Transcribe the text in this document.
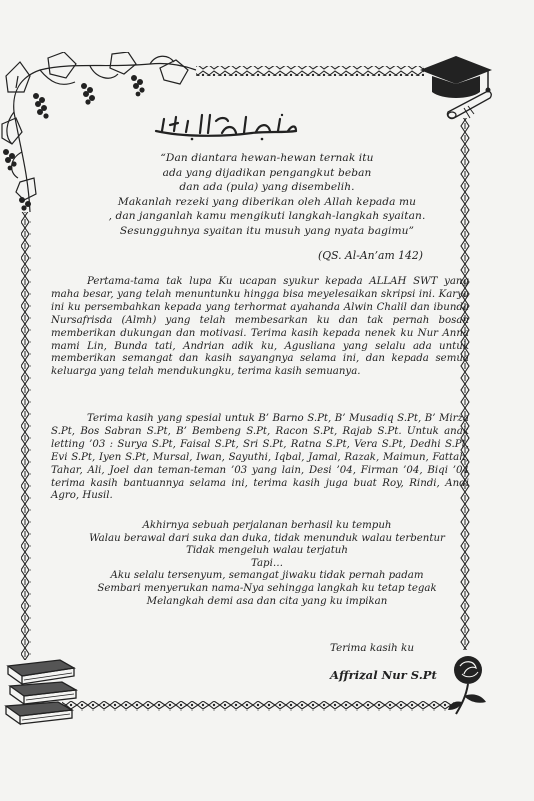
“Dan diantara hewan-hewan ternak itu
ada yang dijadikan pengangkut beban
dan ada (pula) yang disembelih.
Makanlah rezeki yang diberikan oleh Allah kepada mu
, dan janganlah kamu mengikuti langkah-langkah syaitan.
Sesungguhnya syaitan itu musuh yang nyata bagimu”
(QS. Al-An’am 142)
Pertama-tama tak lupa Ku ucapan syukur kepada ALLAH SWT yang maha besar, yang telah menuntunku hingga bisa meyelesaikan skripsi ini. Karya ini ku persembahkan kepada yang terhormat ayahanda Alwin Chalil dan ibunda Nursafrisda (Almh) yang telah membesarkan ku dan tak pernah bosan memberikan dukungan dan motivasi. Terima kasih kepada nenek ku Nur Anna mami Lin, Bunda tati, Andrian adik ku, Agusliana yang selalu ada untuk memberikan semangat dan kasih sayangnya selama ini, dan kepada semua keluarga yang telah mendukungku, terima kasih semuanya.
Terima kasih yang spesial untuk B’ Barno S.Pt, B’ Musadiq S.Pt, B’ Mirza S.Pt, Bos Sabran S.Pt, B’ Bembeng S.Pt, Racon S.Pt, Rajab S.Pt. Untuk anak letting ’03 : Surya S.Pt, Faisal S.Pt, Sri S.Pt, Ratna S.Pt, Vera S.Pt, Dedhi S.Pt, Evi S.Pt, Iyen S.Pt, Mursal, Iwan, Sayuthi, Iqbal, Jamal, Razak, Maimun, Fattah, Tahar, Ali, Joel dan teman-teman ’03 yang lain, Desi ’04, Firman ’04, Biqi ’04 terima kasih bantuannya selama ini, terima kasih juga buat Roy, Rindi, Andi Agro, Husil.
Akhirnya sebuah perjalanan berhasil ku tempuh
Walau berawal dari suka dan duka, tidak menunduk walau terbentur
Tidak mengeluh walau terjatuh
Tapi…
Aku selalu tersenyum, semangat jiwaku tidak pernah padam
Sembari menyerukan nama-Nya sehingga langkah ku tetap tegak
Melangkah demi asa dan cita yang ku impikan
Terima kasih ku
Affrizal Nur S.Pt
